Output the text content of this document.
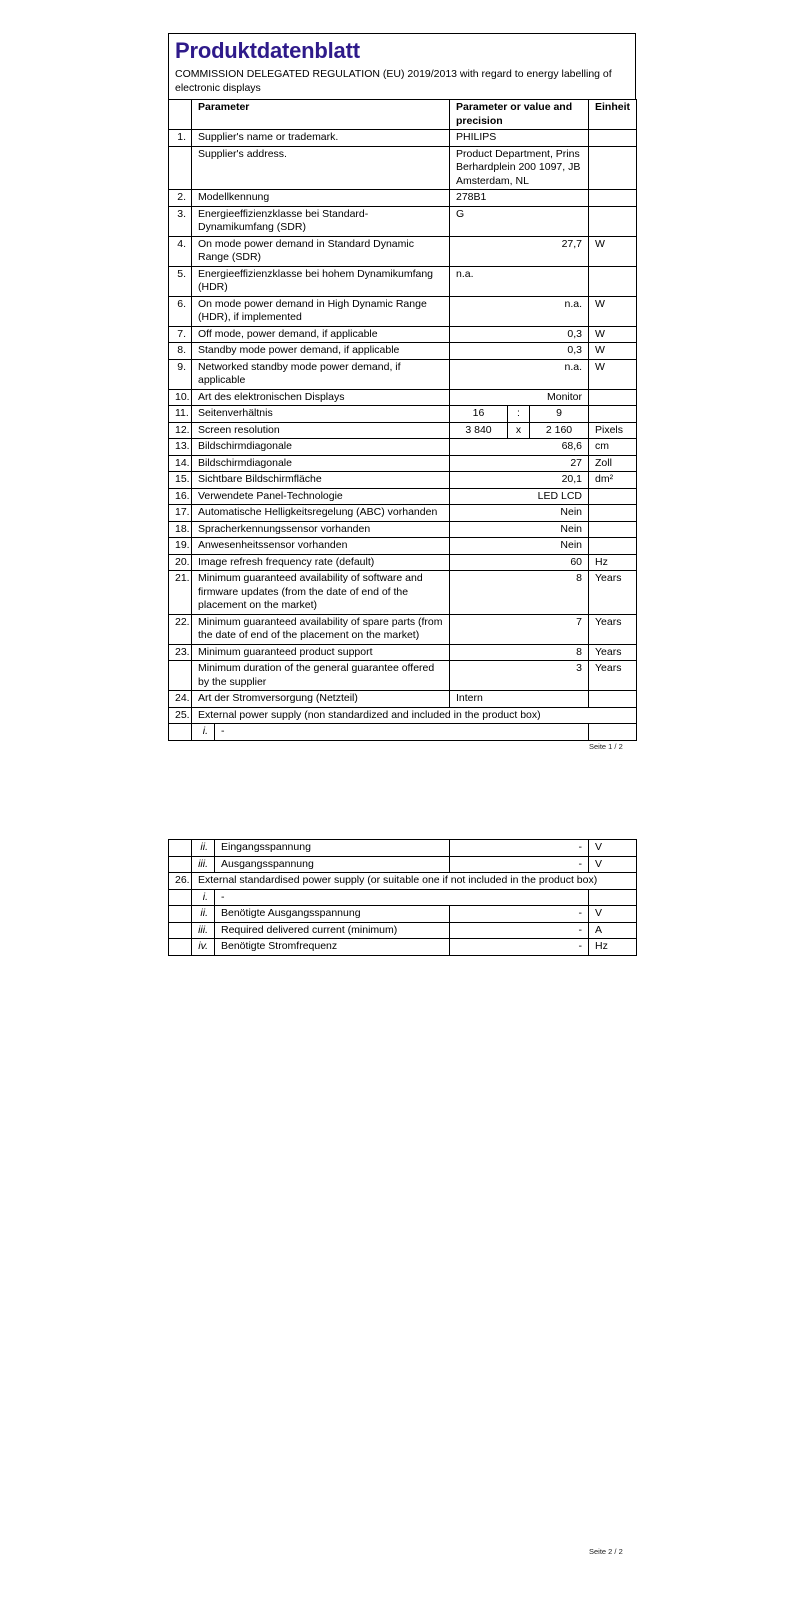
Produktdatenblatt
COMMISSION DELEGATED REGULATION (EU) 2019/2013 with regard to energy labelling of electronic displays
	Parameter		Parameter or value and precision			Einheit
1.	Supplier's name or trademark.		PHILIPS			
	Supplier's address.		Product Department, Prins Berhardplein 200 1097, JB Amsterdam, NL			
2.	Modellkennung		278B1			
3.	Energieeffizienzklasse bei Standard-Dynamikumfang (SDR)		G			
4.	On mode power demand in Standard Dynamic Range (SDR)		27,7			W
5.	Energieeffizienzklasse bei hohem Dynamikumfang (HDR)		n.a.			
6.	On mode power demand in High Dynamic Range (HDR), if implemented		n.a.			W
7.	Off mode, power demand, if applicable		0,3			W
8.	Standby mode power demand, if applicable		0,3			W
9.	Networked standby mode power demand, if applicable		n.a.			W
10.	Art des elektronischen Displays		Monitor			
11.	Seitenverhältnis		16	:	9	
12.	Screen resolution		3 840	x	2 160	Pixels
13.	Bildschirmdiagonale		68,6			cm
14.	Bildschirmdiagonale		27			Zoll
15.	Sichtbare Bildschirmfläche		20,1			dm²
16.	Verwendete Panel-Technologie		LED LCD			
17.	Automatische Helligkeitsregelung (ABC) vorhanden		Nein			
18.	Spracherkennungssensor vorhanden		Nein			
19.	Anwesenheitssensor vorhanden		Nein			
20.	Image refresh frequency rate (default)		60			Hz
21.	Minimum guaranteed availability of software and firmware updates (from the date of end of the placement on the market)		8			Years
22.	Minimum guaranteed availability of spare parts (from the date of end of the placement on the market)		7			Years
23.	Minimum guaranteed product support		8			Years
	Minimum duration of the general guarantee offered by the supplier		3			Years
24.	Art der Stromversorgung (Netzteil)		Intern			
25.	External power supply (non standardized and included in the product box)					
	i.	-				
Seite 1 / 2
	ii.	Eingangsspannung	-	V
	iii.	Ausgangsspannung	-	V
26.	External standardised power supply (or suitable one if not included in the product box)			
	i.	-		
	ii.	Benötigte Ausgangsspannung	-	V
	iii.	Required delivered current (minimum)	-	A
	iv.	Benötigte Stromfrequenz	-	Hz
Seite 2 / 2
